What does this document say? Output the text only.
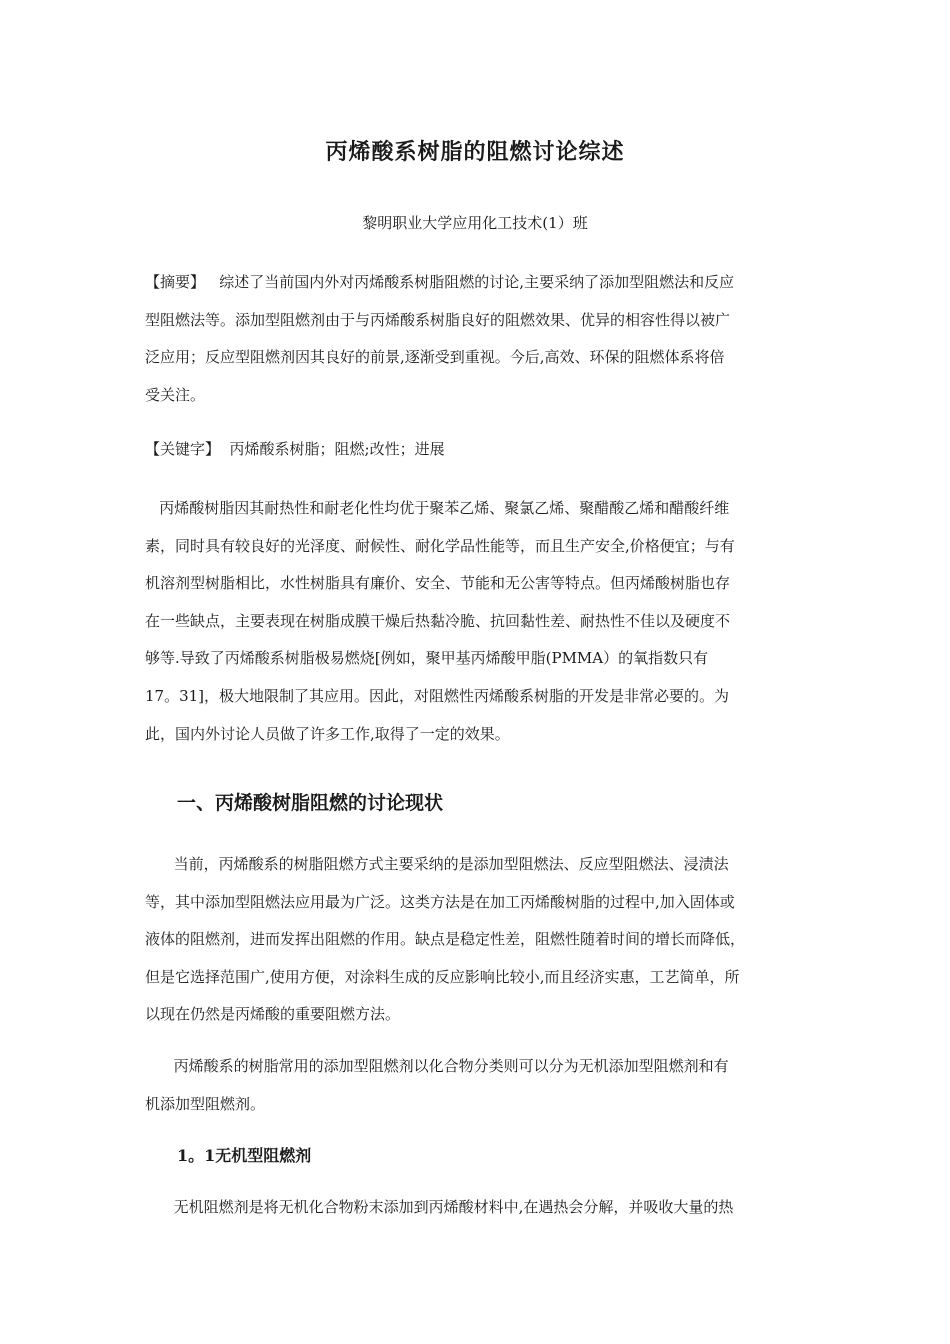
丙烯酸系树脂的阻燃讨论综述
黎明职业大学应用化工技术(1）班
【摘要】   综述了当前国内外对丙烯酸系树脂阻燃的讨论,主要采纳了添加型阻燃法和反应
型阻燃法等。添加型阻燃剂由于与丙烯酸系树脂良好的阻燃效果、优异的相容性得以被广
泛应用；反应型阻燃剂因其良好的前景,逐渐受到重视。今后,高效、环保的阻燃体系将倍
受关注。
【关键字】  丙烯酸系树脂；阻燃;改性；进展
丙烯酸树脂因其耐热性和耐老化性均优于聚苯乙烯、聚氯乙烯、聚醋酸乙烯和醋酸纤维
素，同时具有较良好的光泽度、耐候性、耐化学品性能等，而且生产安全,价格便宜；与有
机溶剂型树脂相比，水性树脂具有廉价、安全、节能和无公害等特点。但丙烯酸树脂也存
在一些缺点，主要表现在树脂成膜干燥后热黏冷脆、抗回黏性差、耐热性不佳以及硬度不
够等.导致了丙烯酸系树脂极易燃烧[例如，聚甲基丙烯酸甲脂(PMMA）的氧指数只有
17。31]，极大地限制了其应用。因此，对阻燃性丙烯酸系树脂的开发是非常必要的。为
此，国内外讨论人员做了许多工作,取得了一定的效果。
一、丙烯酸树脂阻燃的讨论现状
当前，丙烯酸系的树脂阻燃方式主要采纳的是添加型阻燃法、反应型阻燃法、浸渍法
等，其中添加型阻燃法应用最为广泛。这类方法是在加工丙烯酸树脂的过程中,加入固体或
液体的阻燃剂，进而发挥出阻燃的作用。缺点是稳定性差，阻燃性随着时间的增长而降低，
但是它选择范围广,使用方便，对涂料生成的反应影响比较小,而且经济实惠，工艺简单，所
以现在仍然是丙烯酸的重要阻燃方法。
丙烯酸系的树脂常用的添加型阻燃剂以化合物分类则可以分为无机添加型阻燃剂和有
机添加型阻燃剂。
1。1无机型阻燃剂
无机阻燃剂是将无机化合物粉末添加到丙烯酸材料中,在遇热会分解，并吸收大量的热
